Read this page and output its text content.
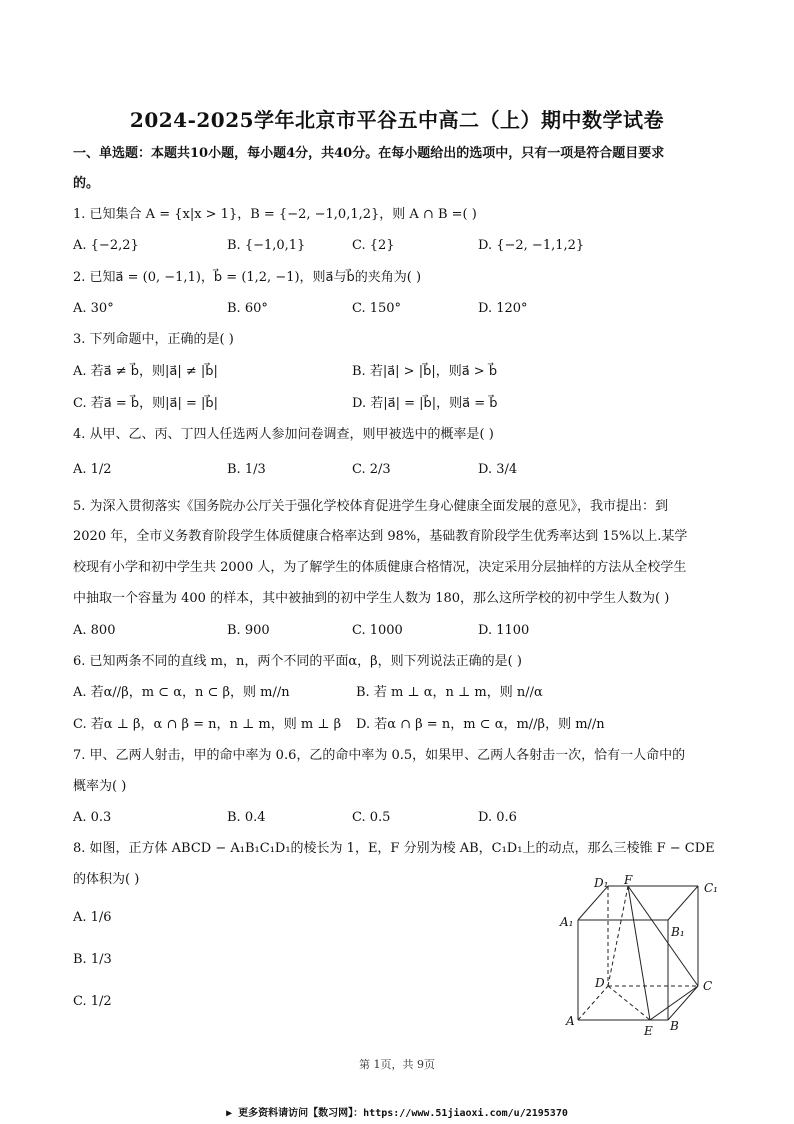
2024-2025学年北京市平谷五中高二（上）期中数学试卷
一、单选题：本题共10小题，每小题4分，共40分。在每小题给出的选项中，只有一项是符合题目要求
的。
1. 已知集合 A = {x|x > 1}，B = {−2, −1,0,1,2}，则 A ∩ B =( )
A. {−2,2}	B. {−1,0,1}	C. {2}	D. {−2, −1,1,2}
2. 已知a⃗ = (0, −1,1)，b⃗ = (1,2, −1)，则a⃗与b⃗的夹角为( )
A. 30°	B. 60°	C. 150°	D. 120°
3. 下列命题中，正确的是( )
A. 若a⃗ ≠ b⃗，则|a⃗| ≠ |b⃗|	B. 若|a⃗| > |b⃗|，则a⃗ > b⃗
C. 若a⃗ = b⃗，则|a⃗| = |b⃗|	D. 若|a⃗| = |b⃗|，则a⃗ = b⃗
4. 从甲、乙、丙、丁四人任选两人参加问卷调查，则甲被选中的概率是( )
A. 1/2	B. 1/3	C. 2/3	D. 3/4
5. 为深入贯彻落实《国务院办公厅关于强化学校体育促进学生身心健康全面发展的意见》，我市提出：到
2020 年，全市义务教育阶段学生体质健康合格率达到 98%，基础教育阶段学生优秀率达到 15%以上.某学
校现有小学和初中学生共 2000 人，为了解学生的体质健康合格情况，决定采用分层抽样的方法从全校学生
中抽取一个容量为 400 的样本，其中被抽到的初中学生人数为 180，那么这所学校的初中学生人数为( )
A. 800	B. 900	C. 1000	D. 1100
6. 已知两条不同的直线 m，n，两个不同的平面α，β，则下列说法正确的是( )
A. 若α//β，m ⊂ α，n ⊂ β，则 m//n	B. 若 m ⊥ α，n ⊥ m，则 n//α
C. 若α ⊥ β，α ∩ β = n，n ⊥ m，则 m ⊥ β D. 若α ∩ β = n，m ⊂ α，m//β，则 m//n
7. 甲、乙两人射击，甲的命中率为 0.6，乙的命中率为 0.5，如果甲、乙两人各射击一次，恰有一人命中的
概率为( )
A. 0.3	B. 0.4	C. 0.5	D. 0.6
8. 如图，正方体 ABCD − A₁B₁C₁D₁的棱长为 1，E，F 分别为棱 AB，C₁D₁上的动点，那么三棱锥 F − CDE
的体积为( )
A. 1/6
B. 1/3
C. 1/2
D₁ F
C₁
A₁
B₁
D	C
A
E B
第 1页，共 9页
▶ 更多资料请访问【数习网】：https://www.51jiaoxi.com/u/2195370
